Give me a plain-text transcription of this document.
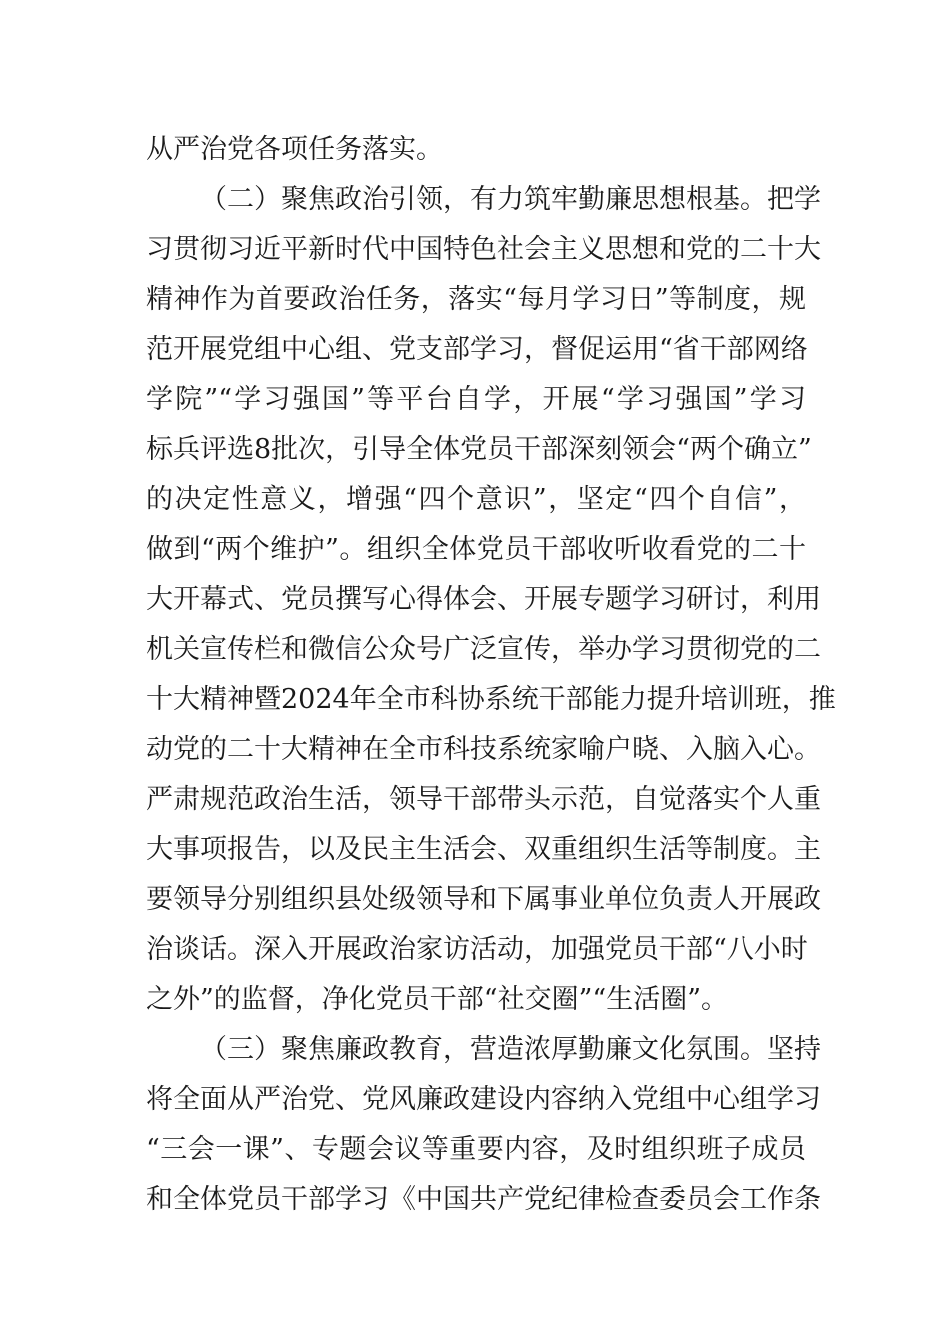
从严治党各项任务落实。

（二）聚焦政治引领，有力筑牢勤廉思想根基。把学

习贯彻习近平新时代中国特色社会主义思想和党的二十大

精神作为首要政治任务，落实“每月学习日”等制度，规

范开展党组中心组、党支部学习，督促运用“省干部网络

学院”“学习强国”等平台自学，开展“学习强国”学习

标兵评选8批次，引导全体党员干部深刻领会“两个确立”

的决定性意义，增强“四个意识”，坚定“四个自信”，

做到“两个维护”。组织全体党员干部收听收看党的二十

大开幕式、党员撰写心得体会、开展专题学习研讨，利用

机关宣传栏和微信公众号广泛宣传，举办学习贯彻党的二

十大精神暨2024年全市科协系统干部能力提升培训班，推

动党的二十大精神在全市科技系统家喻户晓、入脑入心。

严肃规范政治生活，领导干部带头示范，自觉落实个人重

大事项报告，以及民主生活会、双重组织生活等制度。主

要领导分别组织县处级领导和下属事业单位负责人开展政

治谈话。深入开展政治家访活动，加强党员干部“八小时

之外”的监督，净化党员干部“社交圈”“生活圈”。

（三）聚焦廉政教育，营造浓厚勤廉文化氛围。坚持

将全面从严治党、党风廉政建设内容纳入党组中心组学习

“三会一课”、专题会议等重要内容，及时组织班子成员

和全体党员干部学习《中国共产党纪律检查委员会工作条
